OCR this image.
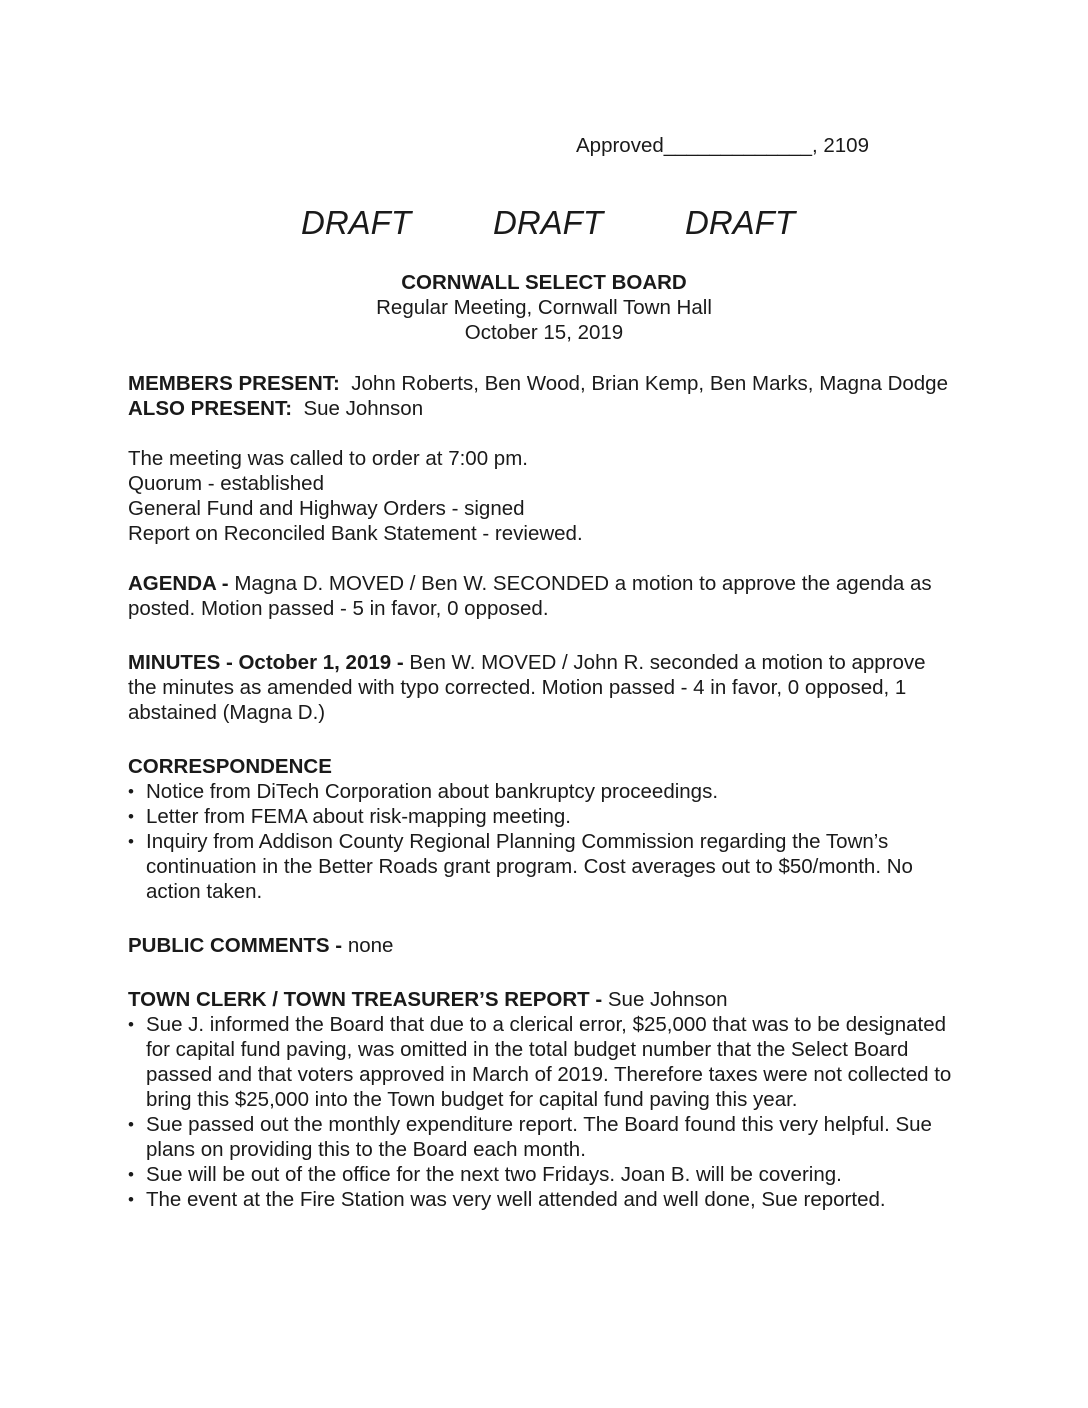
Approved_____________, 2109
DRAFT DRAFT DRAFT
CORNWALL SELECT BOARD
Regular Meeting, Cornwall Town Hall
October 15, 2019

MEMBERS PRESENT: John Roberts, Ben Wood, Brian Kemp, Ben Marks, Magna Dodge

ALSO PRESENT: Sue Johnson

The meeting was called to order at 7:00 pm.

Quorum - established

General Fund and Highway Orders - signed

Report on Reconciled Bank Statement - reviewed.

AGENDA - Magna D. MOVED / Ben W. SECONDED a motion to approve the agenda as posted. Motion passed - 5 in favor, 0 opposed.

MINUTES - October 1, 2019 - Ben W. MOVED / John R. seconded a motion to approve the minutes as amended with typo corrected. Motion passed - 4 in favor, 0 opposed, 1 abstained (Magna D.)

CORRESPONDENCE

• Notice from DiTech Corporation about bankruptcy proceedings.
• Letter from FEMA about risk-mapping meeting.
• Inquiry from Addison County Regional Planning Commission regarding the Town’s continuation in the Better Roads grant program. Cost averages out to $50/month. No action taken.

PUBLIC COMMENTS - none

TOWN CLERK / TOWN TREASURER’S REPORT - Sue Johnson

• Sue J. informed the Board that due to a clerical error, $25,000 that was to be designated for capital fund paving, was omitted in the total budget number that the Select Board passed and that voters approved in March of 2019. Therefore taxes were not collected to bring this $25,000 into the Town budget for capital fund paving this year.
• Sue passed out the monthly expenditure report. The Board found this very helpful. Sue plans on providing this to the Board each month.
• Sue will be out of the office for the next two Fridays. Joan B. will be covering.
• The event at the Fire Station was very well attended and well done, Sue reported.
